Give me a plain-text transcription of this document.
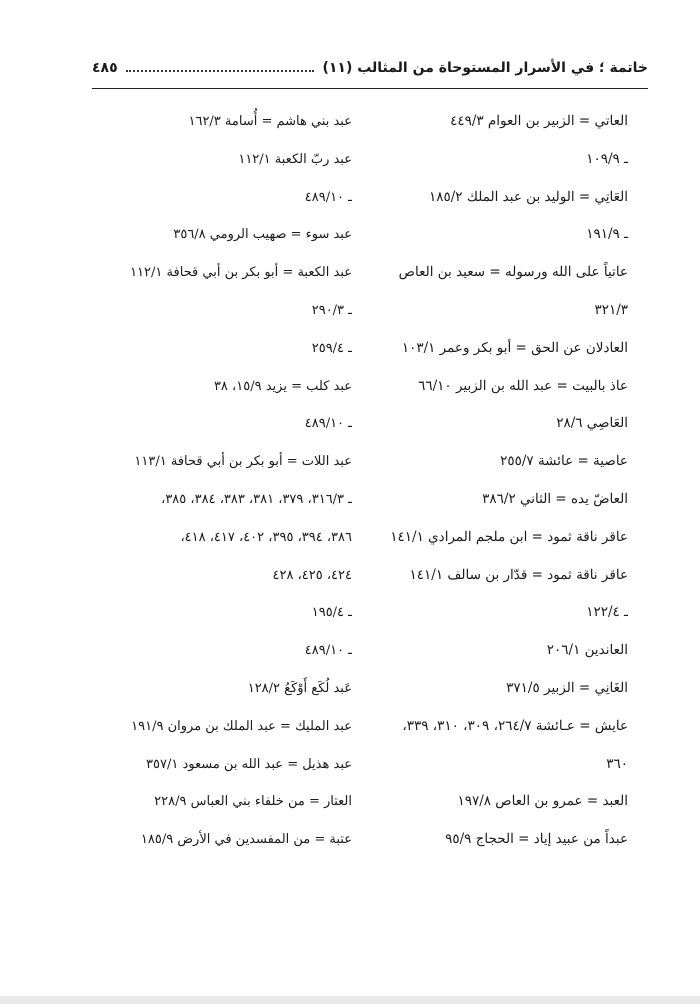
خاتمة ؛ في الأسرار المستوحاة من المثالب (١١)
٤٨٥
العاتي = الزبير بن العوام ٤٤٩/٣
ـ ١٠٩/٩
العَاتِي = الوليد بن عبد الملك ١٨٥/٢
ـ ١٩١/٩
عاتياً على الله ورسوله = سعيد بن العاص
٣٢١/٣
العادلان عن الحق = أبو بكر وعمر ١٠٣/١
عاذ بالبيت = عبد الله بن الزبير ٦٦/١٠
العَاصِي ٢٨/٦
عاصية = عائشة ٢٥٥/٧
العاضّ يده = الثاني ٣٨٦/٢
عاقر ناقة ثمود = ابن ملجم المرادي ١٤١/١
عاقر ناقة ثمود = قدّار بن سالف ١٤١/١
ـ ١٢٢/٤
العاندين ٢٠٦/١
الغَانِي = الزبير ٣٧١/٥
عايش = عـائشة ٢٦٤/٧، ٣٠٩، ٣١٠، ٣٣٩،
٣٦٠
العبد = عمرو بن العاص ١٩٧/٨
عبداً من عبيد إياد = الحجاج ٩٥/٩
عبد بني هاشم = أُسامة ١٦٢/٣
عبد ربّ الكعبة ١١٢/١
ـ ٤٨٩/١٠
عبد سوء = صهيب الرومي ٣٥٦/٨
عبد الكعبة = أبو بكر بن أبي قحافة ١١٢/١
ـ ٢٩٠/٣
ـ ٢٥٩/٤
عبد كلب = يزيد ١٥/٩، ٣٨
ـ ٤٨٩/١٠
عبد اللات = أبو بكر بن أبي قحافة ١١٣/١
ـ ٣١٦/٣، ٣٧٩، ٣٨١، ٣٨٣، ٣٨٤، ٣٨٥،
٣٨٦، ٣٩٤، ٣٩٥، ٤٠٢، ٤١٧، ٤١٨،
٤٢٤، ٤٢٥، ٤٢٨
ـ ١٩٥/٤
ـ ٤٨٩/١٠
عَبد لُكَع أَوْكَعُ ١٢٨/٢
عبد المليك = عبد الملك بن مروان ١٩١/٩
عبد هذيل = عبد الله بن مسعود ٣٥٧/١
العتار = من خلفاء بني العباس ٢٢٨/٩
عتبة = من المفسدين في الأرض ١٨٥/٩
